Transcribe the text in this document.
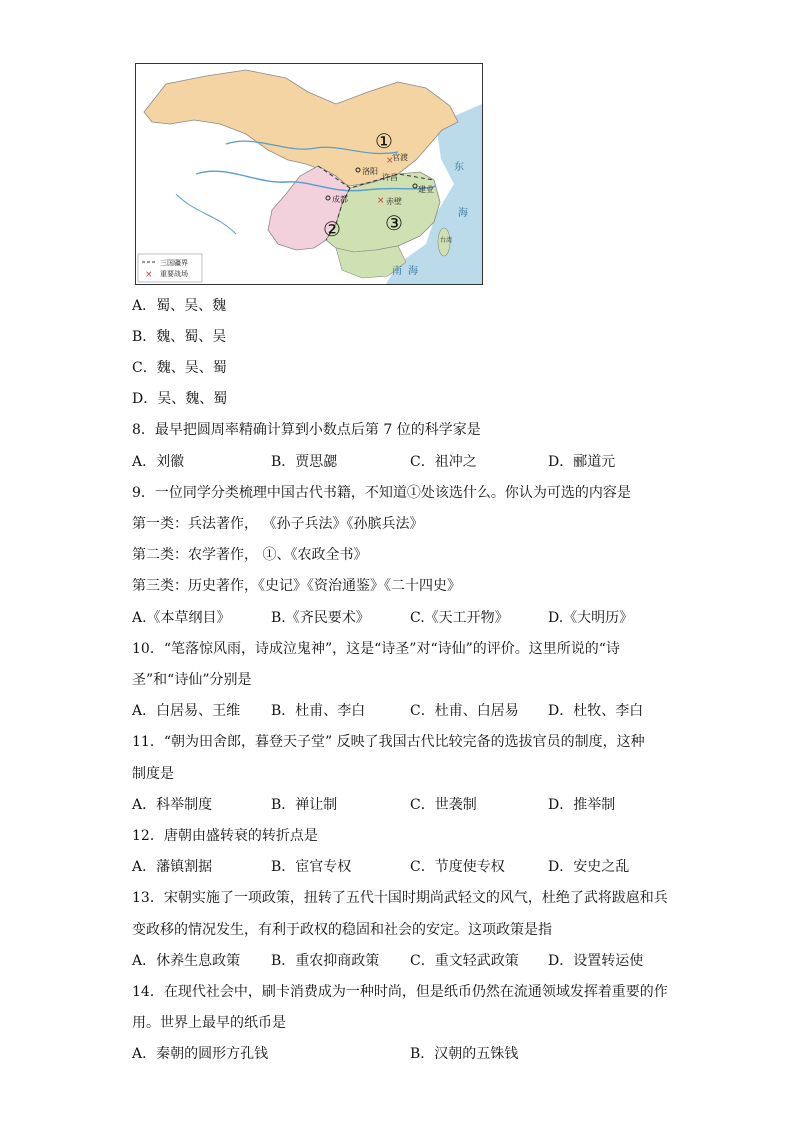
①
② ③
官渡
洛阳
许昌
成都
建业
赤壁
×
×
东
海
南 海
台湾
三国疆界
× 重要战场
A．蜀、吴、魏
B．魏、蜀、吴
C．魏、吴、蜀
D．吴、魏、蜀
8．最早把圆周率精确计算到小数点后第 7 位的科学家是
A．刘徽	B．贾思勰	C．祖冲之	D．郦道元
9．一位同学分类梳理中国古代书籍，不知道①处该选什么。你认为可选的内容是
第一类：兵法著作， 《孙子兵法》《孙膑兵法》
第二类：农学著作， ①、《农政全书》
第三类：历史著作，《史记》《资治通鉴》《二十四史》
A.《本草纲目》	B.《齐民要术》	C.《天工开物》	D.《大明历》
10．“笔落惊风雨，诗成泣鬼神”，这是“诗圣”对“诗仙”的评价。这里所说的“诗
圣”和“诗仙”分别是
A．白居易、王维 B．杜甫、李白	C．杜甫、白居易 D．杜牧、李白
11．“朝为田舍郎，暮登天子堂” 反映了我国古代比较完备的选拔官员的制度，这种
制度是
A．科举制度	B．禅让制	C．世袭制	D．推举制
12．唐朝由盛转衰的转折点是
A．藩镇割据	B．宦官专权	C．节度使专权	D．安史之乱
13．宋朝实施了一项政策，扭转了五代十国时期尚武轻文的风气，杜绝了武将跋扈和兵
变政移的情况发生，有利于政权的稳固和社会的安定。这项政策是指
A．休养生息政策 B．重农抑商政策 C．重文轻武政策 D．设置转运使
14．在现代社会中，刷卡消费成为一种时尚，但是纸币仍然在流通领域发挥着重要的作
用。世界上最早的纸币是
A．秦朝的圆形方孔钱	B．汉朝的五铢钱
